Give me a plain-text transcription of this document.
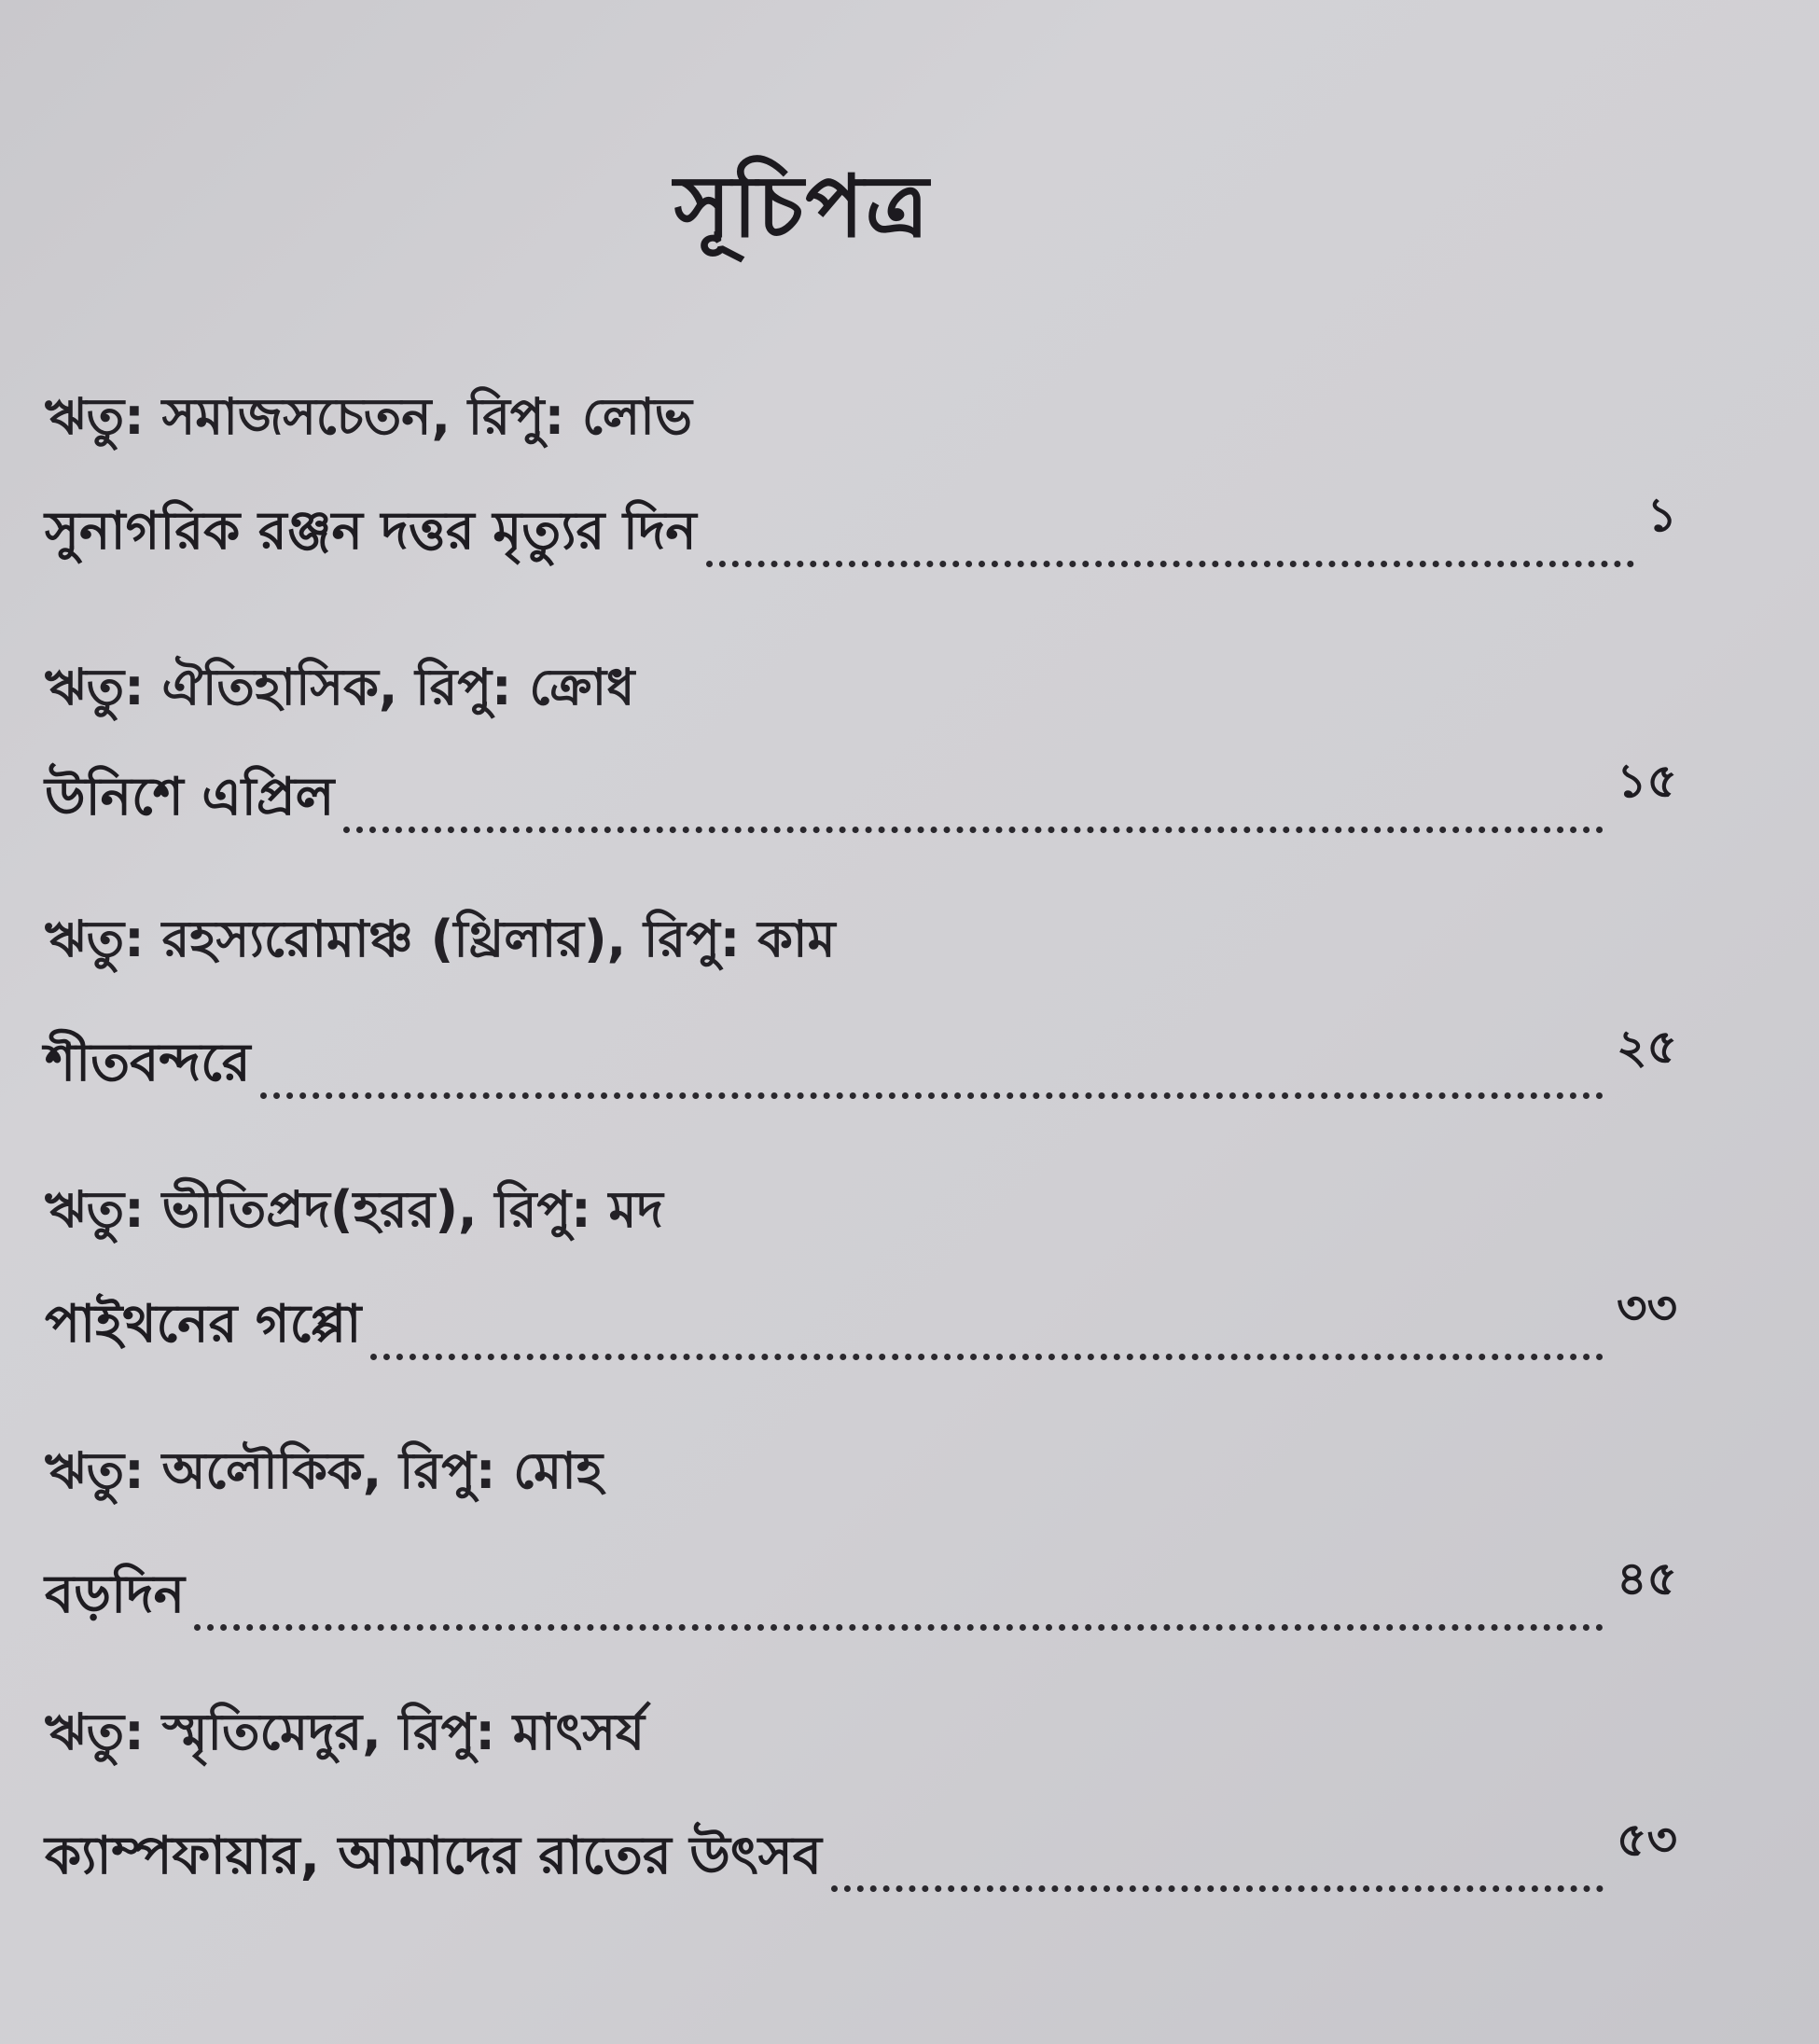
সূচিপত্র
ঋতু: সমাজসচেতন, রিপু: লোভ
সুনাগরিক রঞ্জন দত্তর মৃত্যুর দিন	১
ঋতু: ঐতিহাসিক, রিপু: ক্রোধ
উনিশে এপ্রিল	১৫
ঋতু: রহস্যরোমাঞ্চ (থ্রিলার), রিপু: কাম
শীতবন্দরে	২৫
ঋতু: ভীতিপ্রদ(হরর), রিপু: মদ
পাইথনের গপ্পো	৩৩
ঋতু: অলৌকিক, রিপু: মোহ
বড়দিন	৪৫
ঋতু: স্মৃতিমেদুর, রিপু: মাৎসর্য
ক্যাম্পফায়ার, আমাদের রাতের উৎসব	৫৩
